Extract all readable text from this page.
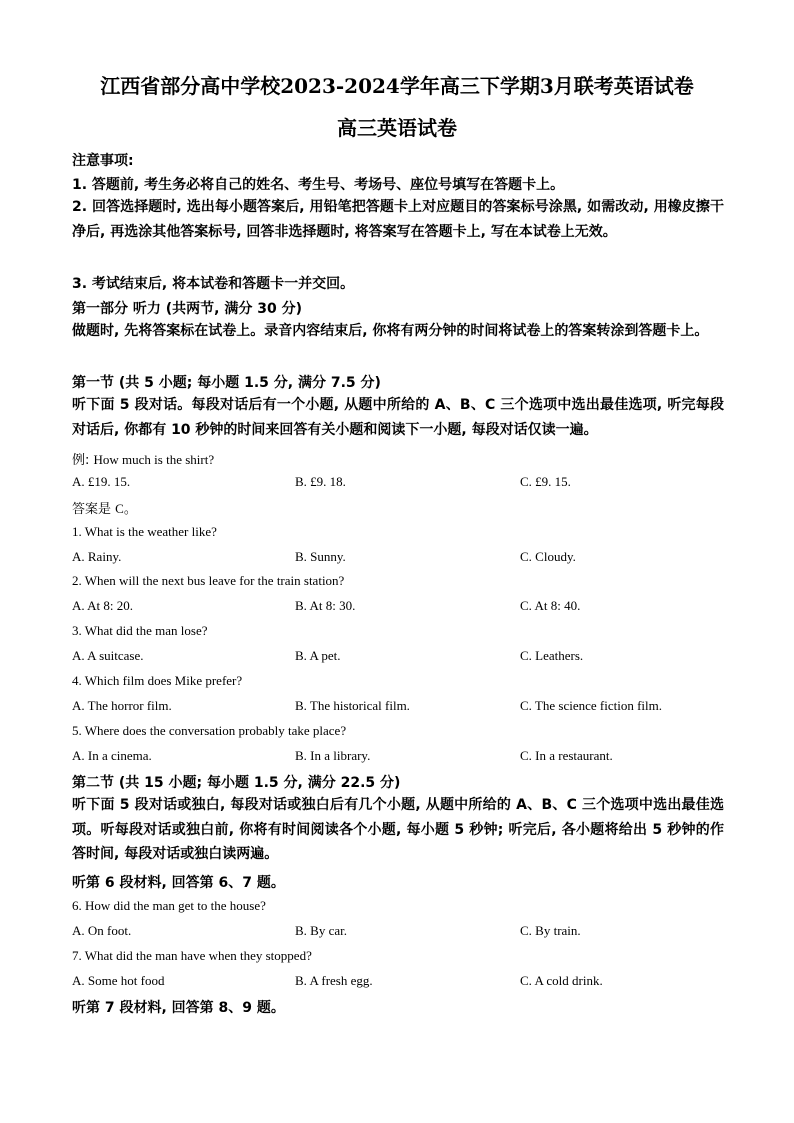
江西省部分高中学校2023-2024学年高三下学期3月联考英语试卷
高三英语试卷
注意事项:
1. 答题前, 考生务必将自己的姓名、考生号、考场号、座位号填写在答题卡上。
2. 回答选择题时, 选出每小题答案后, 用铅笔把答题卡上对应题目的答案标号涂黑, 如需改动, 用橡皮擦干净后, 再选涂其他答案标号, 回答非选择题时, 将答案写在答题卡上, 写在本试卷上无效。
3. 考试结束后, 将本试卷和答题卡一并交回。
第一部分 听力 (共两节, 满分 30 分)
做题时, 先将答案标在试卷上。录音内容结束后, 你将有两分钟的时间将试卷上的答案转涂到答题卡上。
第一节 (共 5 小题; 每小题 1.5 分, 满分 7.5 分)
听下面 5 段对话。每段对话后有一个小题, 从题中所给的 A、B、C 三个选项中选出最佳选项, 听完每段对话后, 你都有 10 秒钟的时间来回答有关小题和阅读下一小题, 每段对话仅读一遍。
例: How much is the shirt?
A. £19. 15.	B. £9. 18.	C. £9. 15.
答案是 C。
1. What is the weather like?
A. Rainy.	B. Sunny.	C. Cloudy.
2. When will the next bus leave for the train station?
A. At 8: 20.	B. At 8: 30.	C. At 8: 40.
3. What did the man lose?
A. A suitcase.	B. A pet.	C. Leathers.
4. Which film does Mike prefer?
A. The horror film.	B. The historical film.	C. The science fiction film.
5. Where does the conversation probably take place?
A. In a cinema.	B. In a library.	C. In a restaurant.
第二节 (共 15 小题; 每小题 1.5 分, 满分 22.5 分)
听下面 5 段对话或独白, 每段对话或独白后有几个小题, 从题中所给的 A、B、C 三个选项中选出最佳选项。听每段对话或独白前, 你将有时间阅读各个小题, 每小题 5 秒钟; 听完后, 各小题将给出 5 秒钟的作答时间, 每段对话或独白读两遍。
听第 6 段材料, 回答第 6、7 题。
6. How did the man get to the house?
A. On foot.	B. By car.	C. By train.
7. What did the man have when they stopped?
A. Some hot food	B. A fresh egg.	C. A cold drink.
听第 7 段材料, 回答第 8、9 题。
